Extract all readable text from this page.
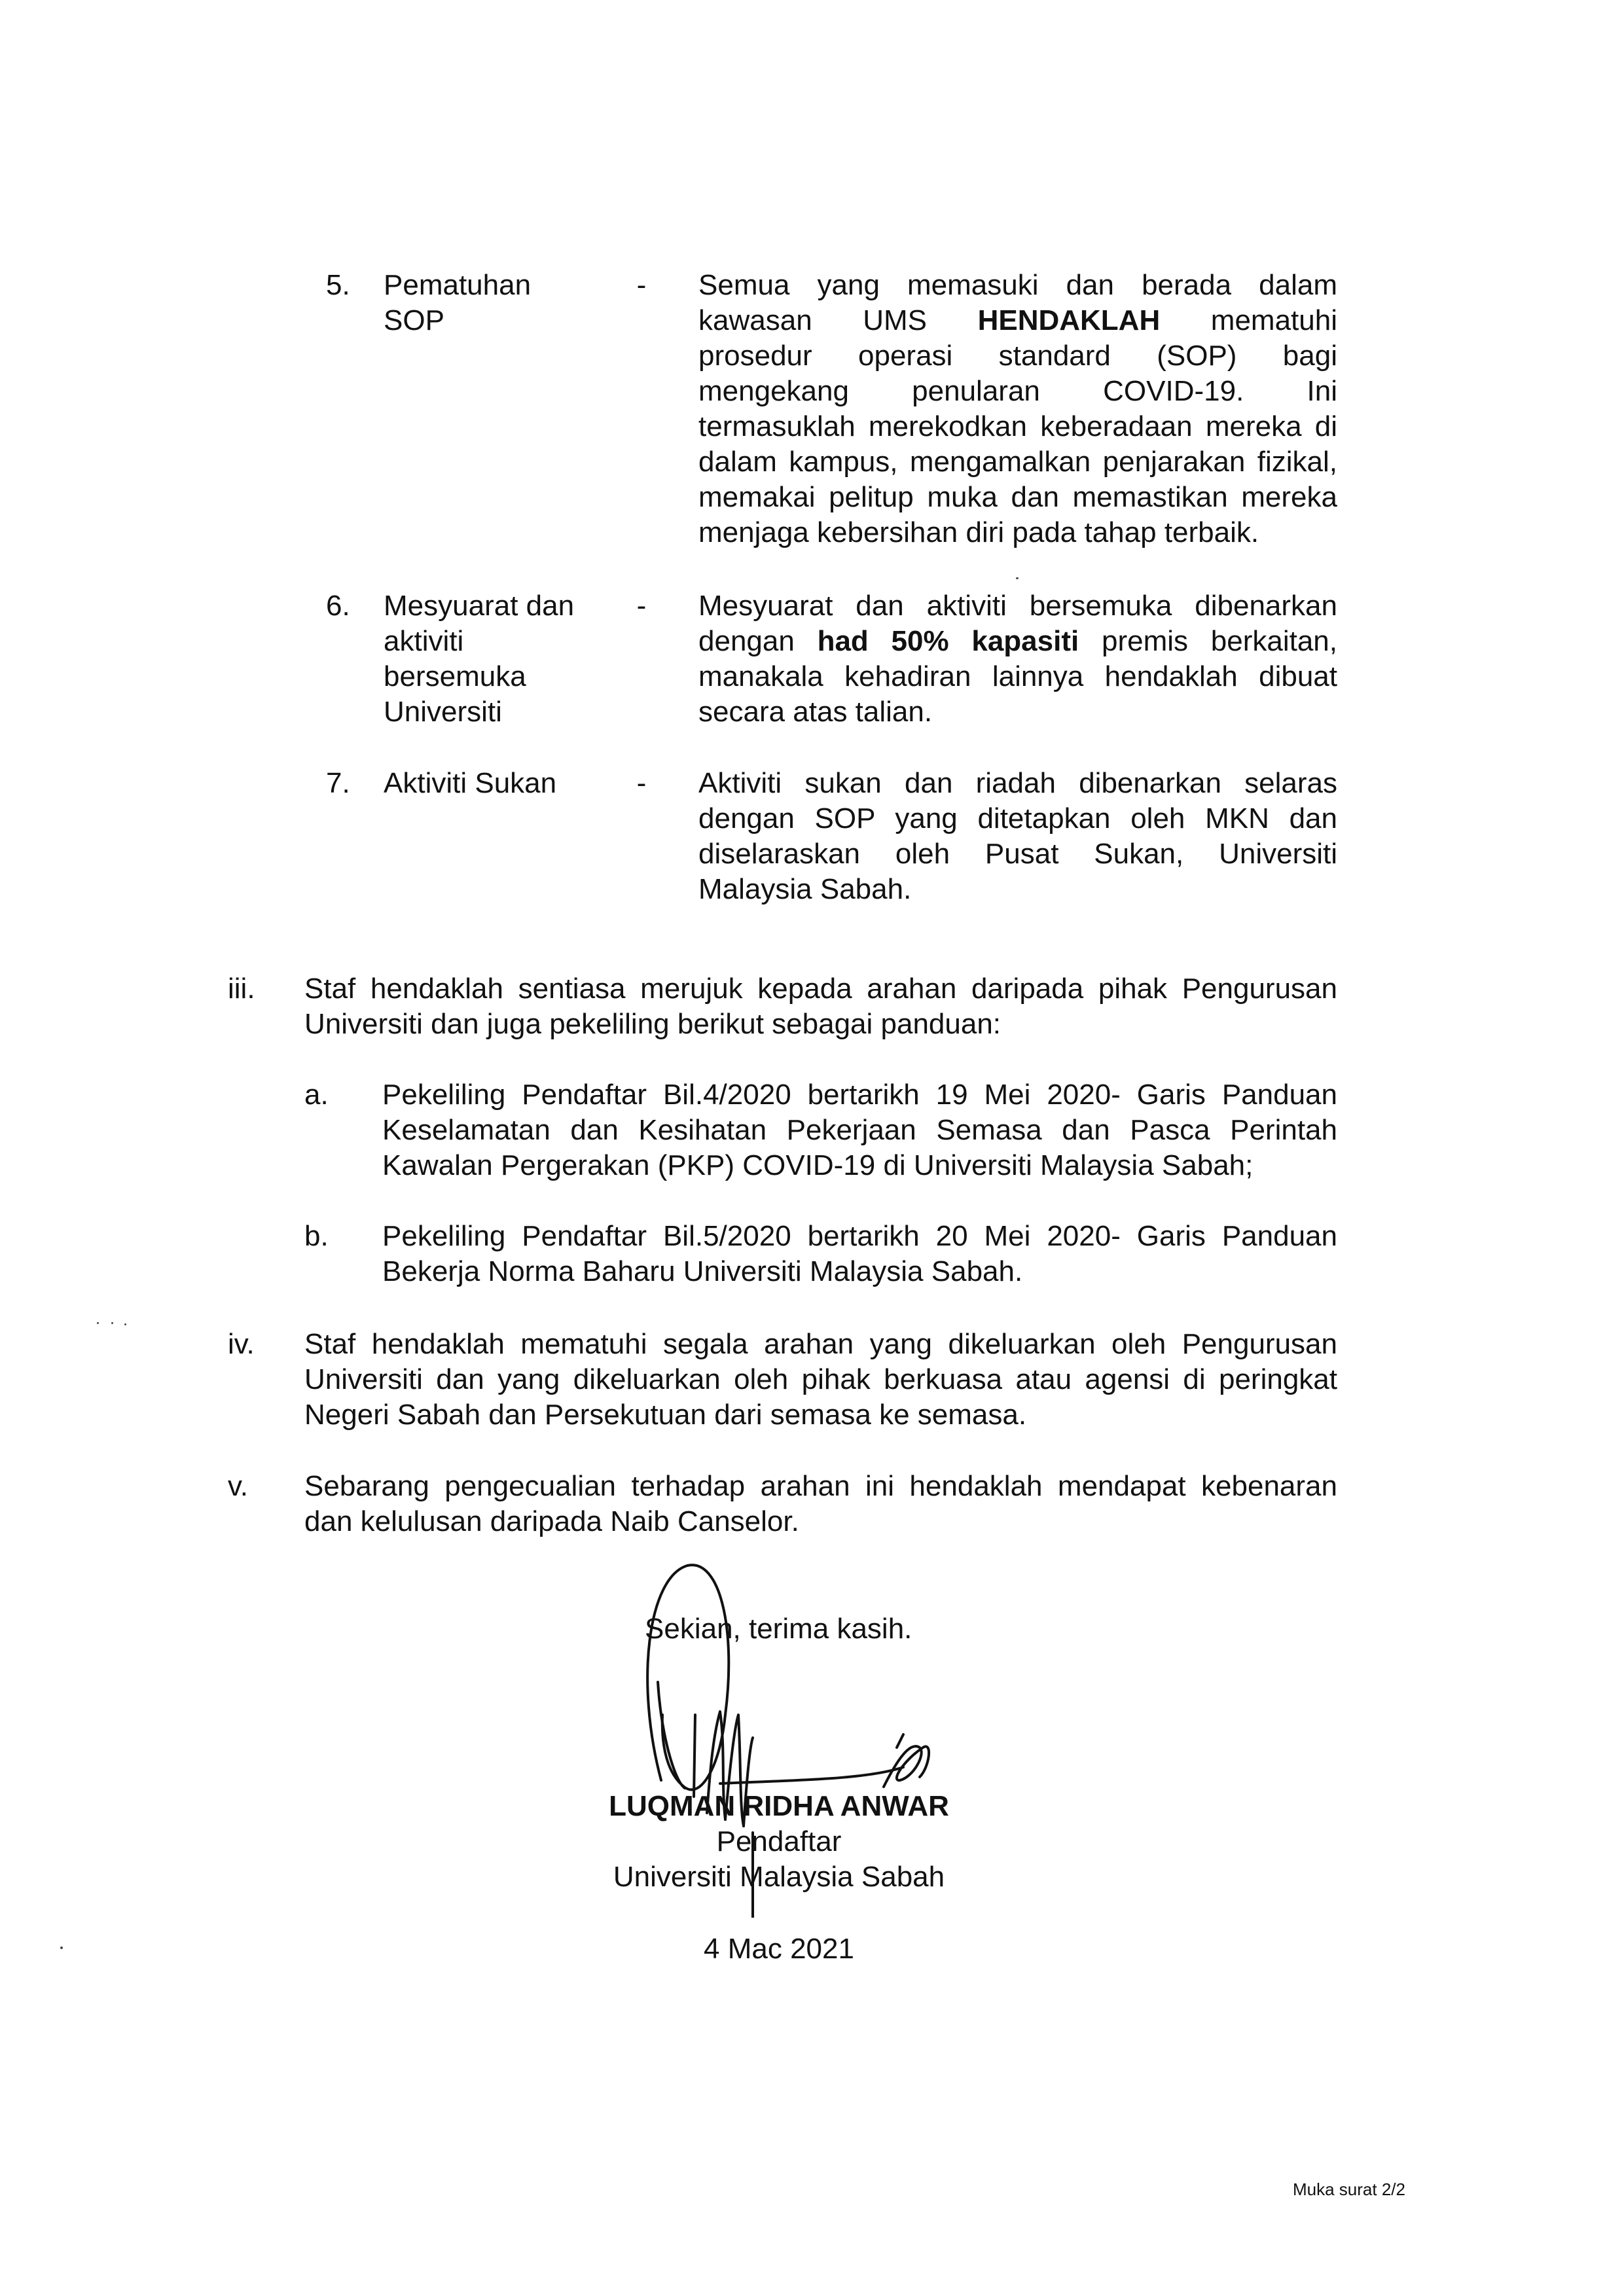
5. Pematuhan
SOP
- Semua yang memasuki dan berada dalam
kawasan UMS HENDAKLAH mematuhi
prosedur operasi standard (SOP) bagi
mengekang penularan COVID-19. Ini
termasuklah merekodkan keberadaan mereka di
dalam kampus, mengamalkan penjarakan fizikal,
memakai pelitup muka dan memastikan mereka
menjaga kebersihan diri pada tahap terbaik.
6. Mesyuarat dan
aktiviti
bersemuka
Universiti
- Mesyuarat dan aktiviti bersemuka dibenarkan
dengan had 50% kapasiti premis berkaitan,
manakala kehadiran lainnya hendaklah dibuat
secara atas talian.
7. Aktiviti Sukan	- Aktiviti sukan dan riadah dibenarkan selaras
dengan SOP yang ditetapkan oleh MKN dan
diselaraskan oleh Pusat Sukan, Universiti
Malaysia Sabah.
iii. Staf hendaklah sentiasa merujuk kepada arahan daripada pihak Pengurusan
Universiti dan juga pekeliling berikut sebagai panduan:
a. Pekeliling Pendaftar Bil.4/2020 bertarikh 19 Mei 2020- Garis Panduan
Keselamatan dan Kesihatan Pekerjaan Semasa dan Pasca Perintah
Kawalan Pergerakan (PKP) COVID-19 di Universiti Malaysia Sabah;
b. Pekeliling Pendaftar Bil.5/2020 bertarikh 20 Mei 2020- Garis Panduan
Bekerja Norma Baharu Universiti Malaysia Sabah.
iv. Staf hendaklah mematuhi segala arahan yang dikeluarkan oleh Pengurusan
Universiti dan yang dikeluarkan oleh pihak berkuasa atau agensi di peringkat
Negeri Sabah dan Persekutuan dari semasa ke semasa.
v. Sebarang pengecualian terhadap arahan ini hendaklah mendapat kebenaran
dan kelulusan daripada Naib Canselor.
Sekian, terima kasih.
LUQMAN RIDHA ANWAR
Pendaftar
Universiti Malaysia Sabah
4 Mac 2021
Muka surat 2/2
